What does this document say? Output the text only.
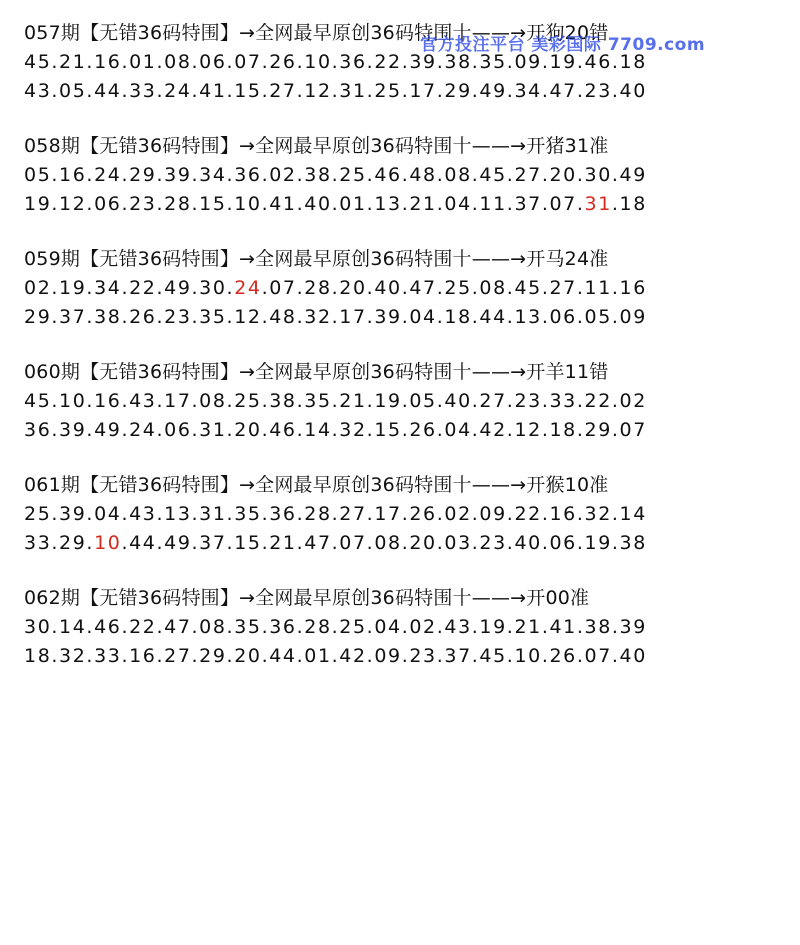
057期【无错36码特围】→全网最早原创36码特围十——→开狗20错
45.21.16.01.08.06.07.26.10.36.22.39.38.35.09.19.46.18
43.05.44.33.24.41.15.27.12.31.25.17.29.49.34.47.23.40
058期【无错36码特围】→全网最早原创36码特围十——→开猪31准
05.16.24.29.39.34.36.02.38.25.46.48.08.45.27.20.30.49
19.12.06.23.28.15.10.41.40.01.13.21.04.11.37.07.31.18
059期【无错36码特围】→全网最早原创36码特围十——→开马24准
02.19.34.22.49.30.24.07.28.20.40.47.25.08.45.27.11.16
29.37.38.26.23.35.12.48.32.17.39.04.18.44.13.06.05.09
060期【无错36码特围】→全网最早原创36码特围十——→开羊11错
45.10.16.43.17.08.25.38.35.21.19.05.40.27.23.33.22.02
36.39.49.24.06.31.20.46.14.32.15.26.04.42.12.18.29.07
061期【无错36码特围】→全网最早原创36码特围十——→开猴10准
25.39.04.43.13.31.35.36.28.27.17.26.02.09.22.16.32.14
33.29.10.44.49.37.15.21.47.07.08.20.03.23.40.06.19.38
062期【无错36码特围】→全网最早原创36码特围十——→开00准
30.14.46.22.47.08.35.36.28.25.04.02.43.19.21.41.38.39
18.32.33.16.27.29.20.44.01.42.09.23.37.45.10.26.07.40
官方投注平台 美彩国际 7709.com
